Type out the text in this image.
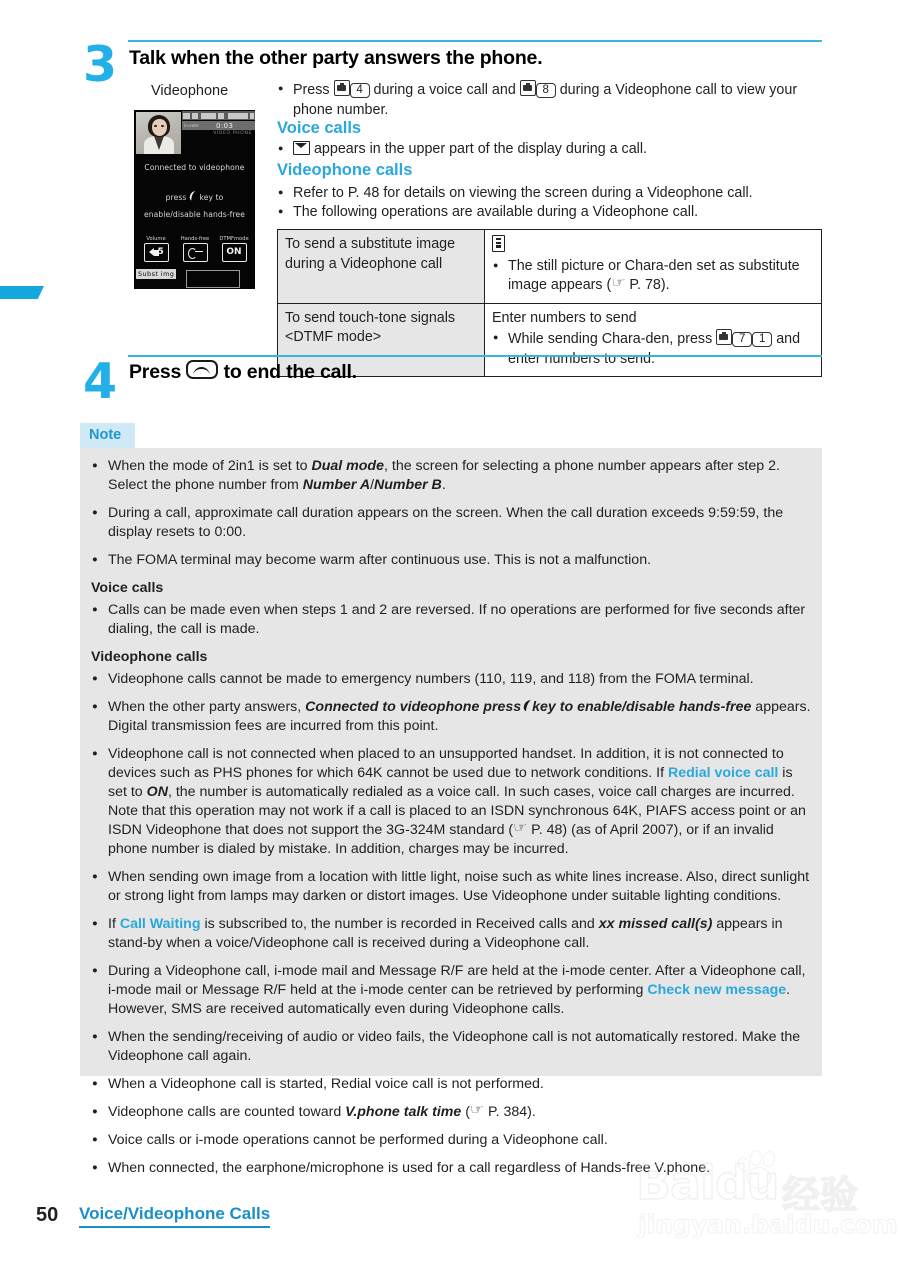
3 Talk when the other party answers the phone.
Videophone
in-vote	0:03
VIDEO PHONE
Connected to videophone
press key to
enable/disable hands-free
Volume
5
Hands-free	DTMFmode
ON
Subst img
● Press 4 during a voice call and 8 during a Videophone call to view your phone number.
Voice calls
● appears in the upper part of the display during a call.
Videophone calls
● Refer to P. 48 for details on viewing the screen during a Videophone call.
● The following operations are available during a Videophone call.
To send a substitute image during a Videophone call	● The still picture or Chara-den set as substitute image appears ( ☞ P. 78).

To send touch-tone signals <DTMF mode>	Enter numbers to send
● While sending Chara-den, press 7 1 and enter numbers to send.
4 Press  to end the call.
Note
● When the mode of 2in1 is set to Dual mode, the screen for selecting a phone number appears after step 2. Select the phone number from Number A/Number B.
● During a call, approximate call duration appears on the screen. When the call duration exceeds 9:59:59, the display resets to 0:00.
● The FOMA terminal may become warm after continuous use. This is not a malfunction.
Voice calls
● Calls can be made even when steps 1 and 2 are reversed. If no operations are performed for five seconds after dialing, the call is made.
Videophone calls
● Videophone calls cannot be made to emergency numbers (110, 119, and 118) from the FOMA terminal.
● When the other party answers, Connected to videophone press key to enable/disable hands-free appears. Digital transmission fees are incurred from this point.
● Videophone call is not connected when placed to an unsupported handset. In addition, it is not connected to devices such as PHS phones for which 64K cannot be used due to network conditions. If Redial voice call is set to ON, the number is automatically redialed as a voice call. In such cases, voice call charges are incurred. Note that this operation may not work if a call is placed to an ISDN synchronous 64K, PIAFS access point or an ISDN Videophone that does not support the 3G-324M standard ( ☞ P. 48) (as of April 2007), or if an invalid phone number is dialed by mistake. In addition, charges may be incurred.
● When sending own image from a location with little light, noise such as white lines increase. Also, direct sunlight or strong light from lamps may darken or distort images. Use Videophone under suitable lighting conditions.
● If Call Waiting is subscribed to, the number is recorded in Received calls and xx missed call(s) appears in stand-by when a voice/Videophone call is received during a Videophone call.
● During a Videophone call, i-mode mail and Message R/F are held at the i-mode center. After a Videophone call, i-mode mail or Message R/F held at the i-mode center can be retrieved by performing Check new message. However, SMS are received automatically even during Videophone calls.
● When the sending/receiving of audio or video fails, the Videophone call is not automatically restored. Make the Videophone call again.
● When a Videophone call is started, Redial voice call is not performed.
● Videophone calls are counted toward V.phone talk time ( ☞ P. 384).
● Voice calls or i-mode operations cannot be performed during a Videophone call.
● When connected, the earphone/microphone is used for a call regardless of Hands-free V.phone.
50 Voice/Videophone Calls
Baidu 经验
jingyan.baidu.com
